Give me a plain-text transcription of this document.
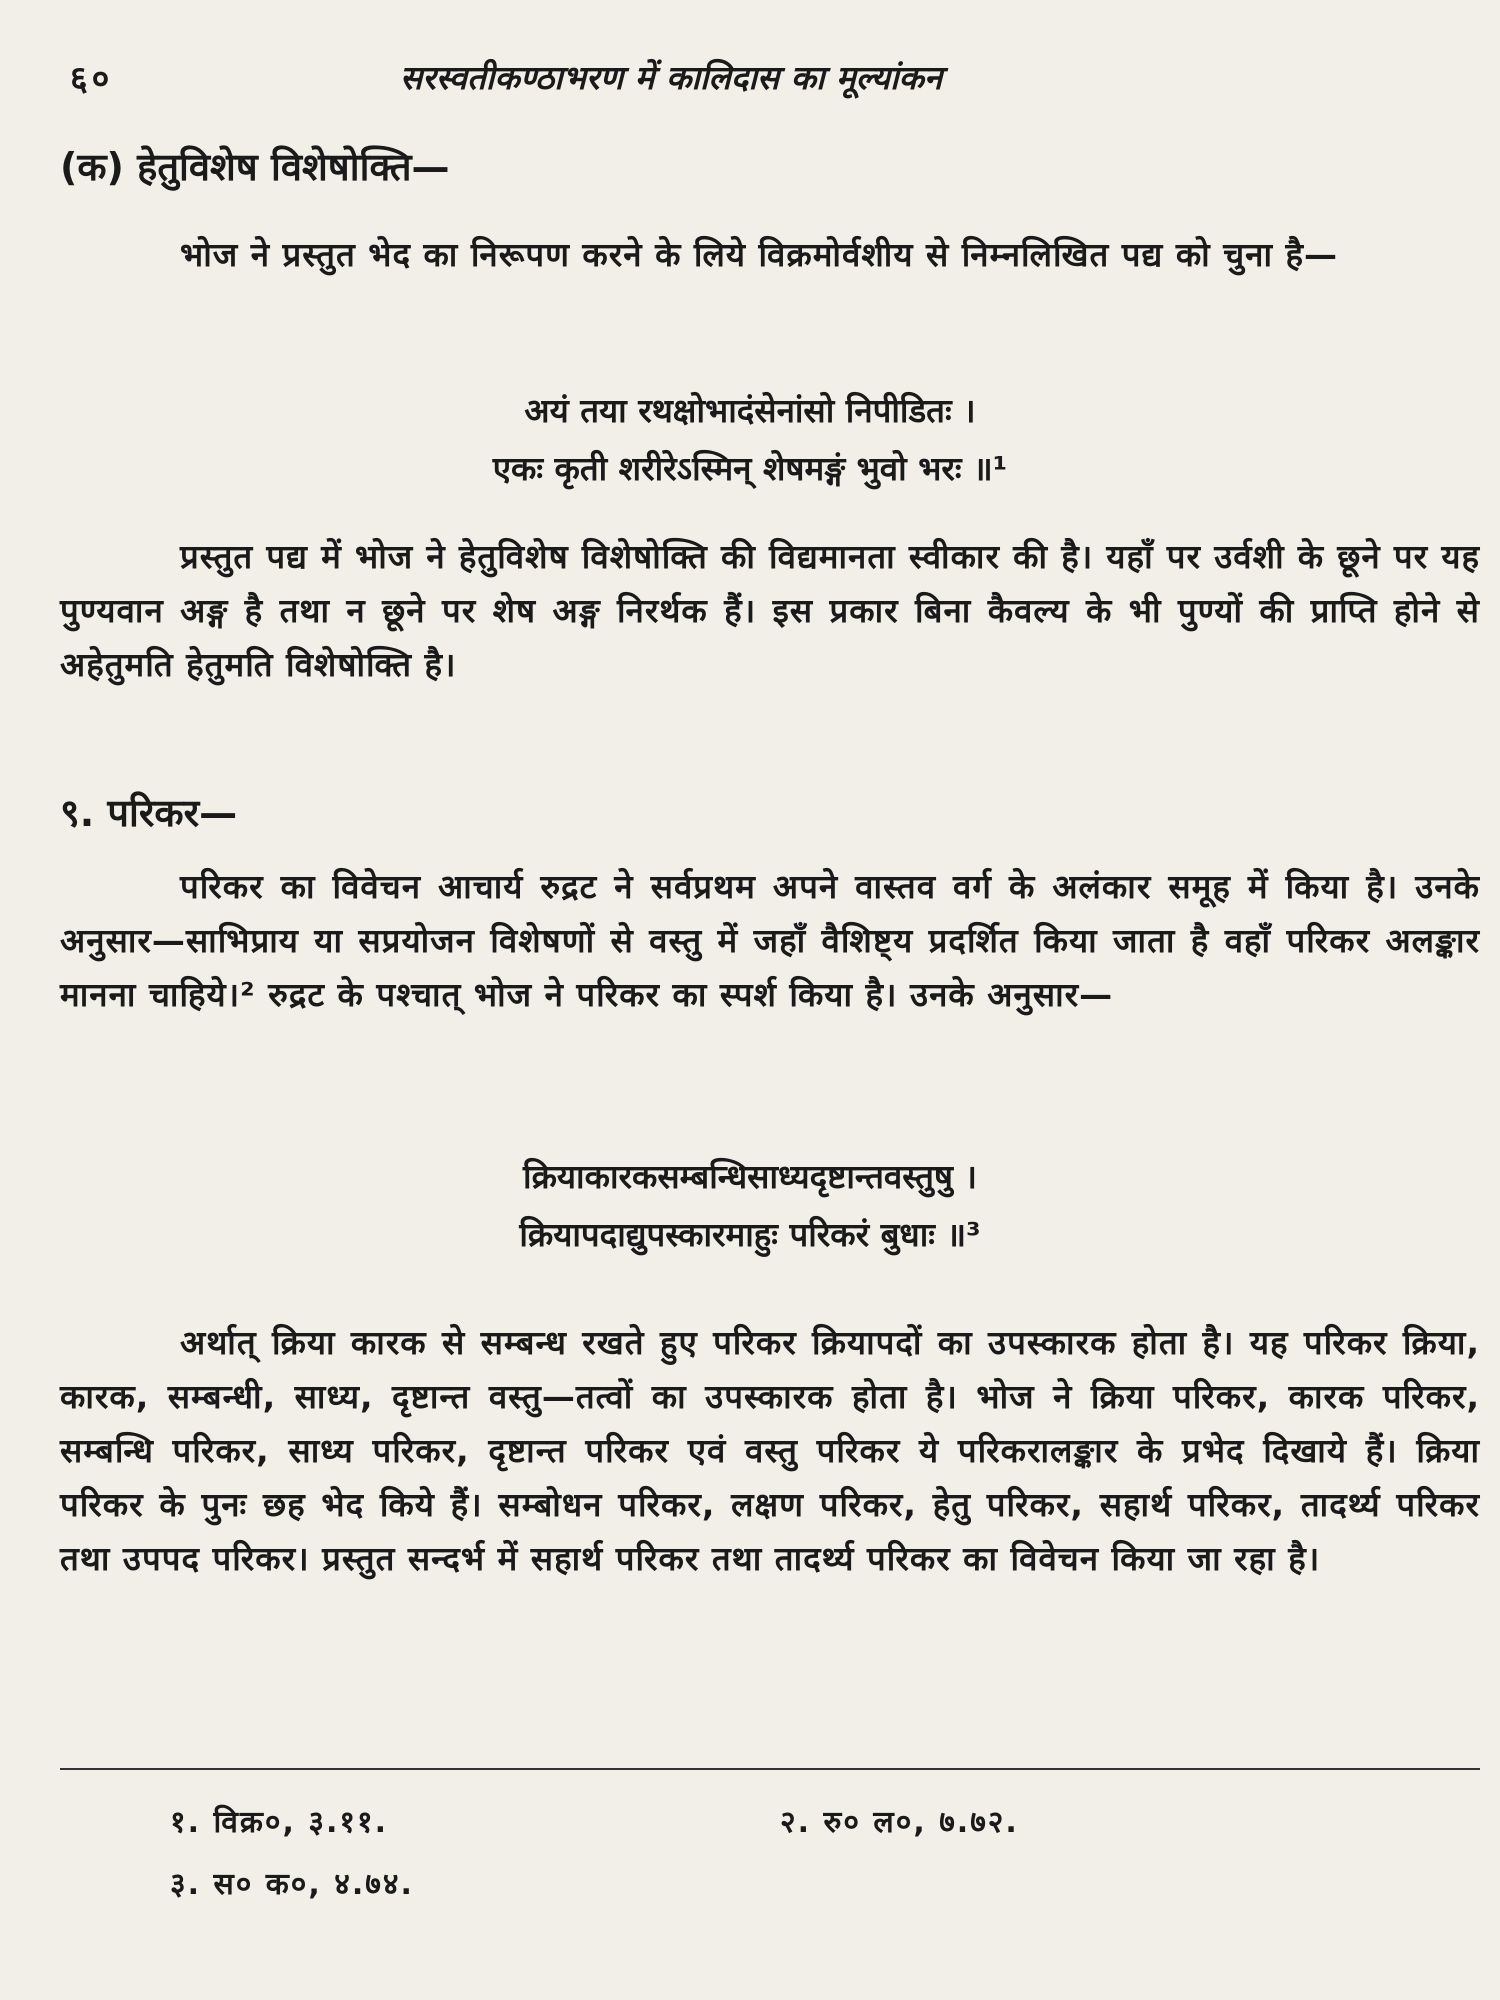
६०	सरस्वतीकण्ठाभरण में कालिदास का मूल्यांकन
(क) हेतुविशेष विशेषोक्ति—

भोज ने प्रस्तुत भेद का निरूपण करने के लिये विक्रमोर्वशीय से निम्नलिखित पद्य को चुना है—

अयं तया रथक्षोभादंसेनांसो निपीडितः ।
एकः कृती शरीरेऽस्मिन् शेषमङ्गं भुवो भरः ॥¹

प्रस्तुत पद्य में भोज ने हेतुविशेष विशेषोक्ति की विद्यमानता स्वीकार की है। यहाँ पर उर्वशी के छूने पर यह पुण्यवान अङ्ग है तथा न छूने पर शेष अङ्ग निरर्थक हैं। इस प्रकार बिना कैवल्य के भी पुण्यों की प्राप्ति होने से अहेतुमति हेतुमति विशेषोक्ति है।

९. परिकर—

परिकर का विवेचन आचार्य रुद्रट ने सर्वप्रथम अपने वास्तव वर्ग के अलंकार समूह में किया है। उनके अनुसार—साभिप्राय या सप्रयोजन विशेषणों से वस्तु में जहाँ वैशिष्ट्य प्रदर्शित किया जाता है वहाँ परिकर अलङ्कार मानना चाहिये।² रुद्रट के पश्चात् भोज ने परिकर का स्पर्श किया है। उनके अनुसार—

क्रियाकारकसम्बन्धिसाध्यदृष्टान्तवस्तुषु ।
क्रियापदाद्युपस्कारमाहुः परिकरं बुधाः ॥³

अर्थात् क्रिया कारक से सम्बन्ध रखते हुए परिकर क्रियापदों का उपस्कारक होता है। यह परिकर क्रिया, कारक, सम्बन्धी, साध्य, दृष्टान्त वस्तु—तत्वों का उपस्कारक होता है। भोज ने क्रिया परिकर, कारक परिकर, सम्बन्धि परिकर, साध्य परिकर, दृष्टान्त परिकर एवं वस्तु परिकर ये परिकरालङ्कार के प्रभेद दिखाये हैं। क्रिया परिकर के पुनः छह भेद किये हैं। सम्बोधन परिकर, लक्षण परिकर, हेतु परिकर, सहार्थ परिकर, तादर्थ्य परिकर तथा उपपद परिकर। प्रस्तुत सन्दर्भ में सहार्थ परिकर तथा तादर्थ्य परिकर का विवेचन किया जा रहा है।

१. विक्र०, ३.११.	२. रु० ल०, ७.७२.
३. स० क०, ४.७४.
